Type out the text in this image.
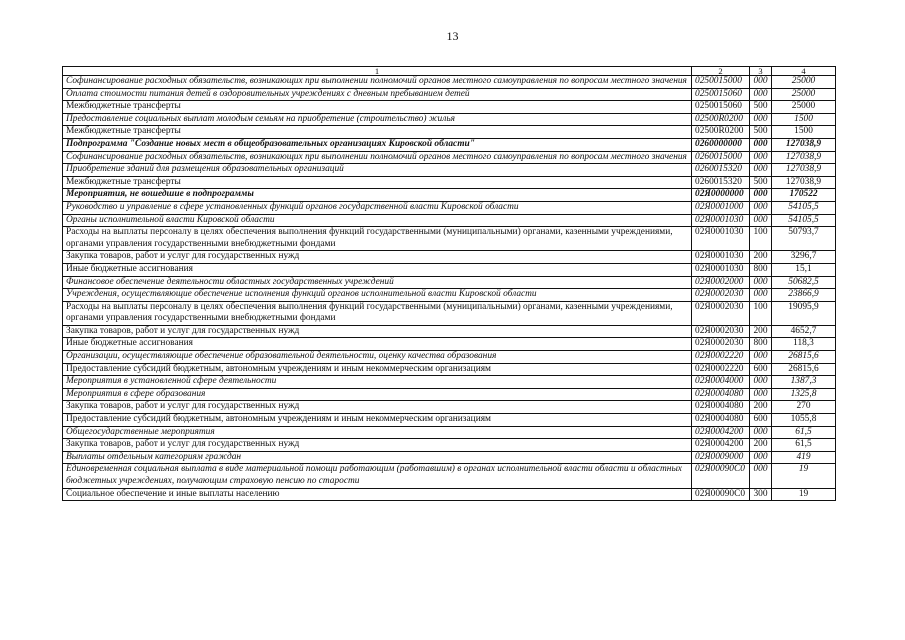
13
1	2	3	4
Софинансирование расходных обязательств, возникающих при выполнении полномочий органов местного самоуправления по вопросам местного значения	0250015000	000	25000
Оплата стоимости питания детей в оздоровительных учреждениях с дневным пребыванием детей	0250015060	000	25000
Межбюджетные трансферты	0250015060	500	25000
Предоставление социальных выплат молодым семьям на приобретение (строительство) жилья	02500R0200	000	1500
Межбюджетные трансферты	02500R0200	500	1500
Подпрограмма "Создание новых мест в общеобразовательных организациях Кировской области"	0260000000	000	127038,9
Софинансирование расходных обязательств, возникающих при выполнении полномочий органов местного самоуправления по вопросам местного значения	0260015000	000	127038,9
Приобретение зданий для размещения образовательных организаций	0260015320	000	127038,9
Межбюджетные трансферты	0260015320	500	127038,9
Мероприятия, не вошедшие в подпрограммы	02Я0000000	000	170522
Руководство и управление в сфере установленных функций органов государственной власти Кировской области	02Я0001000	000	54105,5
Органы исполнительной власти Кировской области	02Я0001030	000	54105,5
Расходы на выплаты персоналу в целях обеспечения выполнения функций государственными (муниципальными) органами, казенными учреждениями, органами управления государственными внебюджетными фондами	02Я0001030	100	50793,7
Закупка товаров, работ и услуг для государственных нужд	02Я0001030	200	3296,7
Иные бюджетные ассигнования	02Я0001030	800	15,1
Финансовое обеспечение деятельности областных государственных учреждений	02Я0002000	000	50682,5
Учреждения, осуществляющие обеспечение исполнения функций органов исполнительной власти Кировской области	02Я0002030	000	23866,9
Расходы на выплаты персоналу в целях обеспечения выполнения функций государственными (муниципальными) органами, казенными учреждениями, органами управления государственными внебюджетными фондами	02Я0002030	100	19095,9
Закупка товаров, работ и услуг для государственных нужд	02Я0002030	200	4652,7
Иные бюджетные ассигнования	02Я0002030	800	118,3
Организации, осуществляющие обеспечение образовательной деятельности, оценку качества образования	02Я0002220	000	26815,6
Предоставление субсидий бюджетным, автономным учреждениям и иным некоммерческим организациям	02Я0002220	600	26815,6
Мероприятия в установленной сфере деятельности	02Я0004000	000	1387,3
Мероприятия в сфере образования	02Я0004080	000	1325,8
Закупка товаров, работ и услуг для государственных нужд	02Я0004080	200	270
Предоставление субсидий бюджетным, автономным учреждениям и иным некоммерческим организациям	02Я0004080	600	1055,8
Общегосударственные мероприятия	02Я0004200	000	61,5
Закупка товаров, работ и услуг для государственных нужд	02Я0004200	200	61,5
Выплаты отдельным категориям граждан	02Я0009000	000	419
Единовременная социальная выплата в виде материальной помощи работающим (работавшим) в органах исполнительной власти области и областных бюджетных учреждениях, получающим страховую пенсию по старости	02Я00090С0	000	19
Социальное обеспечение и иные выплаты населению	02Я00090С0	300	19
